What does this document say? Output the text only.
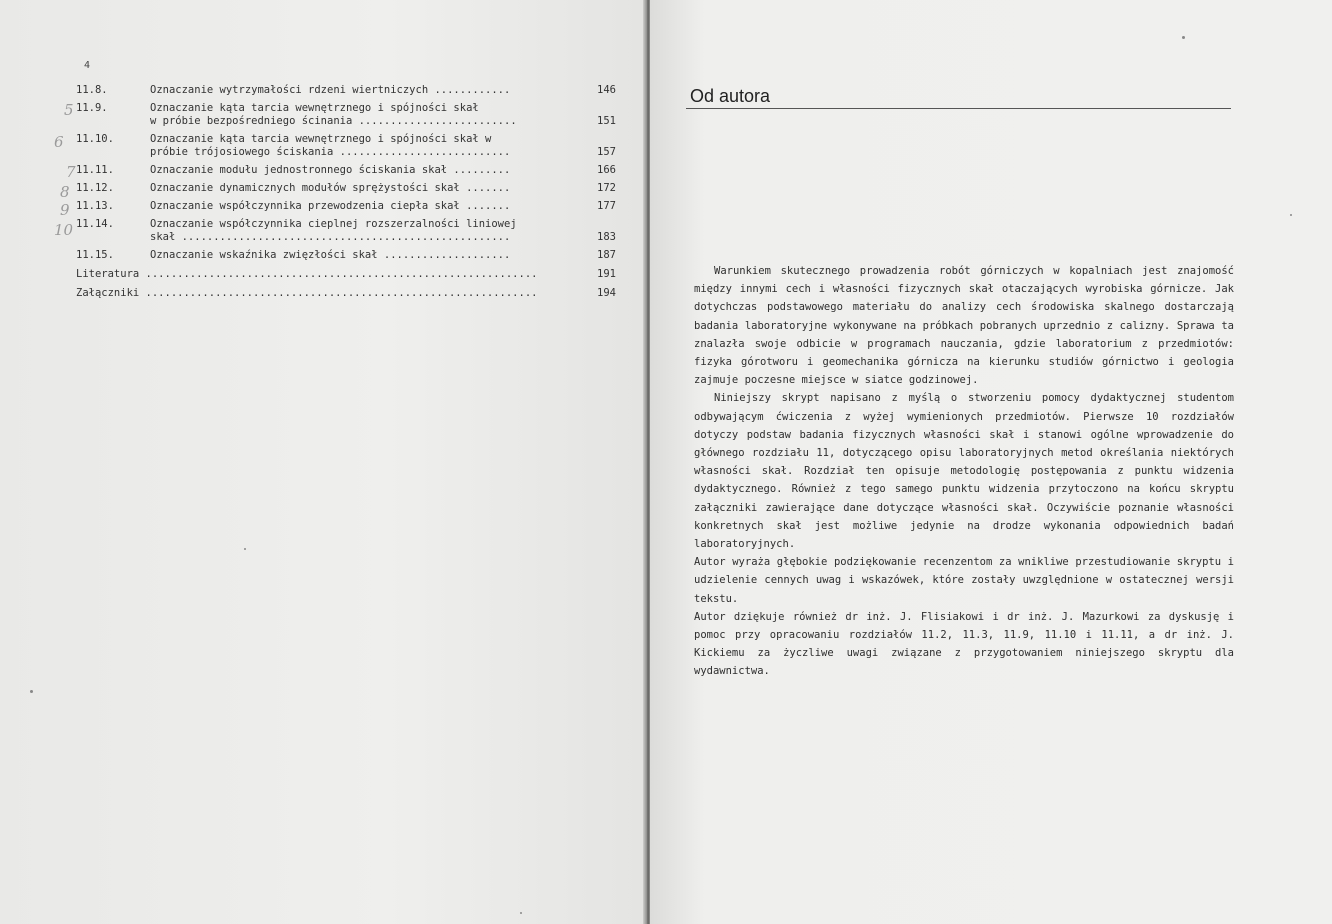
4
11.8.	Oznaczanie wytrzymałości rdzeni wiertniczych ............	146
11.9.	Oznaczanie kąta tarcia wewnętrznego i spójności skał
w próbie bezpośredniego ścinania .........................	151
11.10.	Oznaczanie kąta tarcia wewnętrznego i spójności skał w
próbie trójosiowego ściskania ...........................	157
11.11.	Oznaczanie modułu jednostronnego ściskania skał .........	166
11.12.	Oznaczanie dynamicznych modułów sprężystości skał .......	172
11.13.	Oznaczanie współczynnika przewodzenia ciepła skał .......	177
11.14.	Oznaczanie współczynnika cieplnej rozszerzalności liniowej
skał ....................................................	183
11.15.	Oznaczanie wskaźnika zwięzłości skał ....................	187
Literatura ..............................................................	191
Załączniki ..............................................................	194
5
6
7
8
9
10
Od autora

Warunkiem skutecznego prowadzenia robót górniczych w kopalniach jest znajomość między innymi cech i własności fizycznych skał otaczających wyrobiska górnicze. Jak dotychczas podstawowego materiału do analizy cech środowiska skalnego dostarczają badania laboratoryjne wykonywane na próbkach pobranych uprzednio z calizny. Sprawa ta znalazła swoje odbicie w programach nauczania, gdzie laboratorium z przedmiotów: fizyka górotworu i geomechanika górnicza na kierunku studiów górnictwo i geologia zajmuje poczesne miejsce w siatce godzinowej.

Niniejszy skrypt napisano z myślą o stworzeniu pomocy dydaktycznej studentom odbywającym ćwiczenia z wyżej wymienionych przedmiotów. Pierwsze 10 rozdziałów dotyczy podstaw badania fizycznych własności skał i stanowi ogólne wprowadzenie do głównego rozdziału 11, dotyczącego opisu laboratoryjnych metod określania niektórych własności skał. Rozdział ten opisuje metodologię postępowania z punktu widzenia dydaktycznego. Również z tego samego punktu widzenia przytoczono na końcu skryptu załączniki zawierające dane dotyczące własności skał. Oczywiście poznanie własności konkretnych skał jest możliwe jedynie na drodze wykonania odpowiednich badań laboratoryjnych.

Autor wyraża głębokie podziękowanie recenzentom za wnikliwe przestudiowanie skryptu i udzielenie cennych uwag i wskazówek, które zostały uwzględnione w ostatecznej wersji tekstu.

Autor dziękuje również dr inż. J. Flisiakowi i dr inż. J. Mazurkowi za dyskusję i pomoc przy opracowaniu rozdziałów 11.2, 11.3, 11.9, 11.10 i 11.11, a dr inż. J. Kickiemu za życzliwe uwagi związane z przygotowaniem niniejszego skryptu dla wydawnictwa.
